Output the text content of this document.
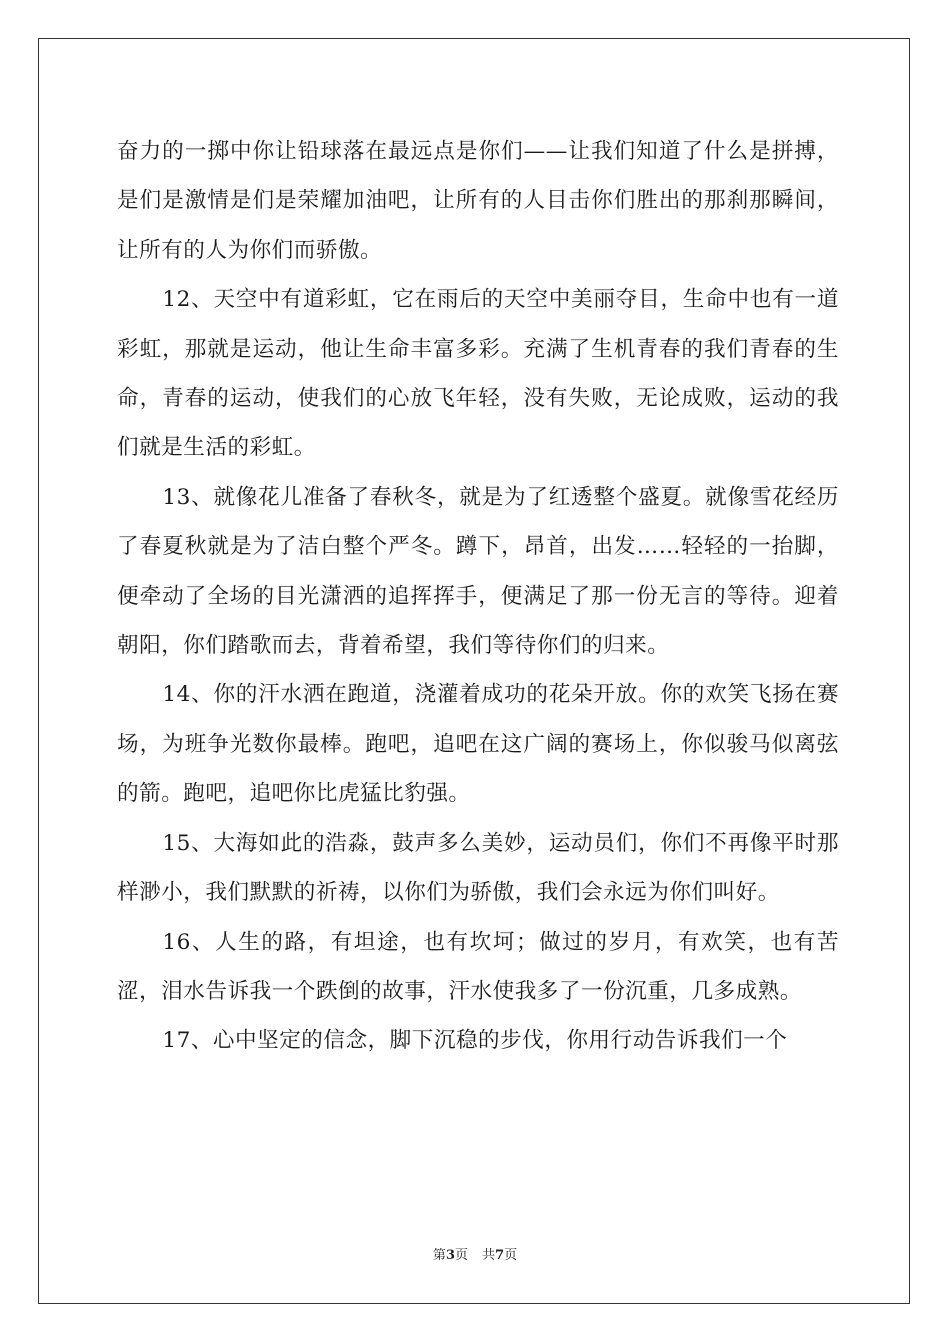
奋力的一掷中你让铅球落在最远点是你们——让我们知道了什么是拼搏，是们是激情是们是荣耀加油吧，让所有的人目击你们胜出的那刹那瞬间，让所有的人为你们而骄傲。

12、天空中有道彩虹，它在雨后的天空中美丽夺目，生命中也有一道彩虹，那就是运动，他让生命丰富多彩。充满了生机青春的我们青春的生命，青春的运动，使我们的心放飞年轻，没有失败，无论成败，运动的我们就是生活的彩虹。

13、就像花儿准备了春秋冬，就是为了红透整个盛夏。就像雪花经历了春夏秋就是为了洁白整个严冬。蹲下，昂首，出发……轻轻的一抬脚，便牵动了全场的目光潇洒的追挥挥手，便满足了那一份无言的等待。迎着朝阳，你们踏歌而去，背着希望，我们等待你们的归来。

14、你的汗水洒在跑道，浇灌着成功的花朵开放。你的欢笑飞扬在赛场，为班争光数你最棒。跑吧，追吧在这广阔的赛场上，你似骏马似离弦的箭。跑吧，追吧你比虎猛比豹强。

15、大海如此的浩淼，鼓声多么美妙，运动员们，你们不再像平时那样渺小，我们默默的祈祷，以你们为骄傲，我们会永远为你们叫好。

16、人生的路，有坦途，也有坎坷；做过的岁月，有欢笑，也有苦涩，泪水告诉我一个跌倒的故事，汗水使我多了一份沉重，几多成熟。

17、心中坚定的信念，脚下沉稳的步伐，你用行动告诉我们一个

第3页 共7页
